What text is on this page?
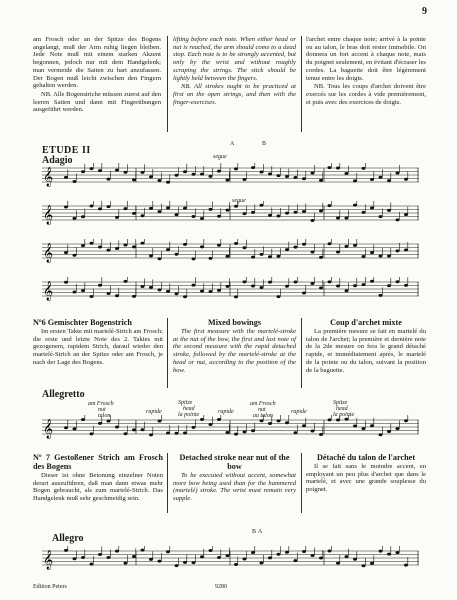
9

am Frosch oder an der Spitze des Bogens angelangt, muß der Arm ruhig liegen bleiben. Jede Note muß mit einem starken Akzent begonnen, jedoch nur mit dem Handgelenk; man vermeide die Saiten zu hart anzufassen. Der Bogen muß leicht zwischen den Fingern gehalten werden.

NB. Alle Bogenstriche müssen zuerst auf den leeren Saiten und dann mit Fingerübungen ausgeführt werden.

lifting before each note. When either head or nut is reached, the arm should come to a dead stop. Each note is to be strongly accented, but only by the wrist and without roughly scraping the strings. The stick should be lightly held between the fingers.

NB. All strokes ought to be practiced at first on the open strings, and then with the finger-exercises.

l'archet entre chaque note; arrivé à la pointe ou au talon, le bras doit rester immobile. On donnera un fort accent à chaque note, mais du poignet seulement, en évitant d'écraser les cordes. La baguette doit être légèrement tenue entre les doigts.

NB. Tous les coups d'archet doivent être exercés sur les cordes à vide premièrement, et puis avec des exercices de doigts.

ETUDE II
Adagio
A	B
segue
segue
𝄞
𝄞
𝄞
𝄞
Nº6 Gemischter Bogenstrich

Im ersten Takte mit martelé-Strich am Frosch; die erste und letzte Note des 2. Taktes mit gezogenem, rapidem Strich, darauf wieder den martelé-Strich an der Spitze oder am Frosch, je nach der Lage des Bogens.

Mixed bowings

The first measure with the martelé-stroke at the nut of the bow, the first and last note of the second measure with the rapid detached stroke, followed by the martelé-stroke at the head or nut, according to the position of the bow.

Coup d'archet mixte

La première mesure se fait en martelé du talon de l'archet; la première et dernière note de la 2de mesure on fera le grand détaché rapide, et immédiatement après, le martelé de la pointe ou du talon, suivant la position de la baguette.

Allegretto
am Frosch
nut
talon
rapide
Spitze
head
la pointe	rapide
am Frosch
nut
au talon
rapide
Spitze
head
la pointe
𝄞
Nº 7 Gestoßener Strich am Frosch des Bogens

Dieser ist ohne Betonung einzelner Noten derart auszuführen, daß man dann etwas mehr Bogen gebraucht, als zum martelé-Strich. Das Handgelenk muß sehr geschmeidig sein.

Detached stroke near nut of the bow

To be executed without accent, somewhat more bow being used than for the hammered (martelé) stroke. The wrist must remain very supple.

Détaché du talon de l'archet

Il se fait sans le moindre accent, en employant un peu plus d'archet que dans le martelé, et avec une grande souplesse du poignet.

B A
Allegro
𝄞
Edition Peters	9280
